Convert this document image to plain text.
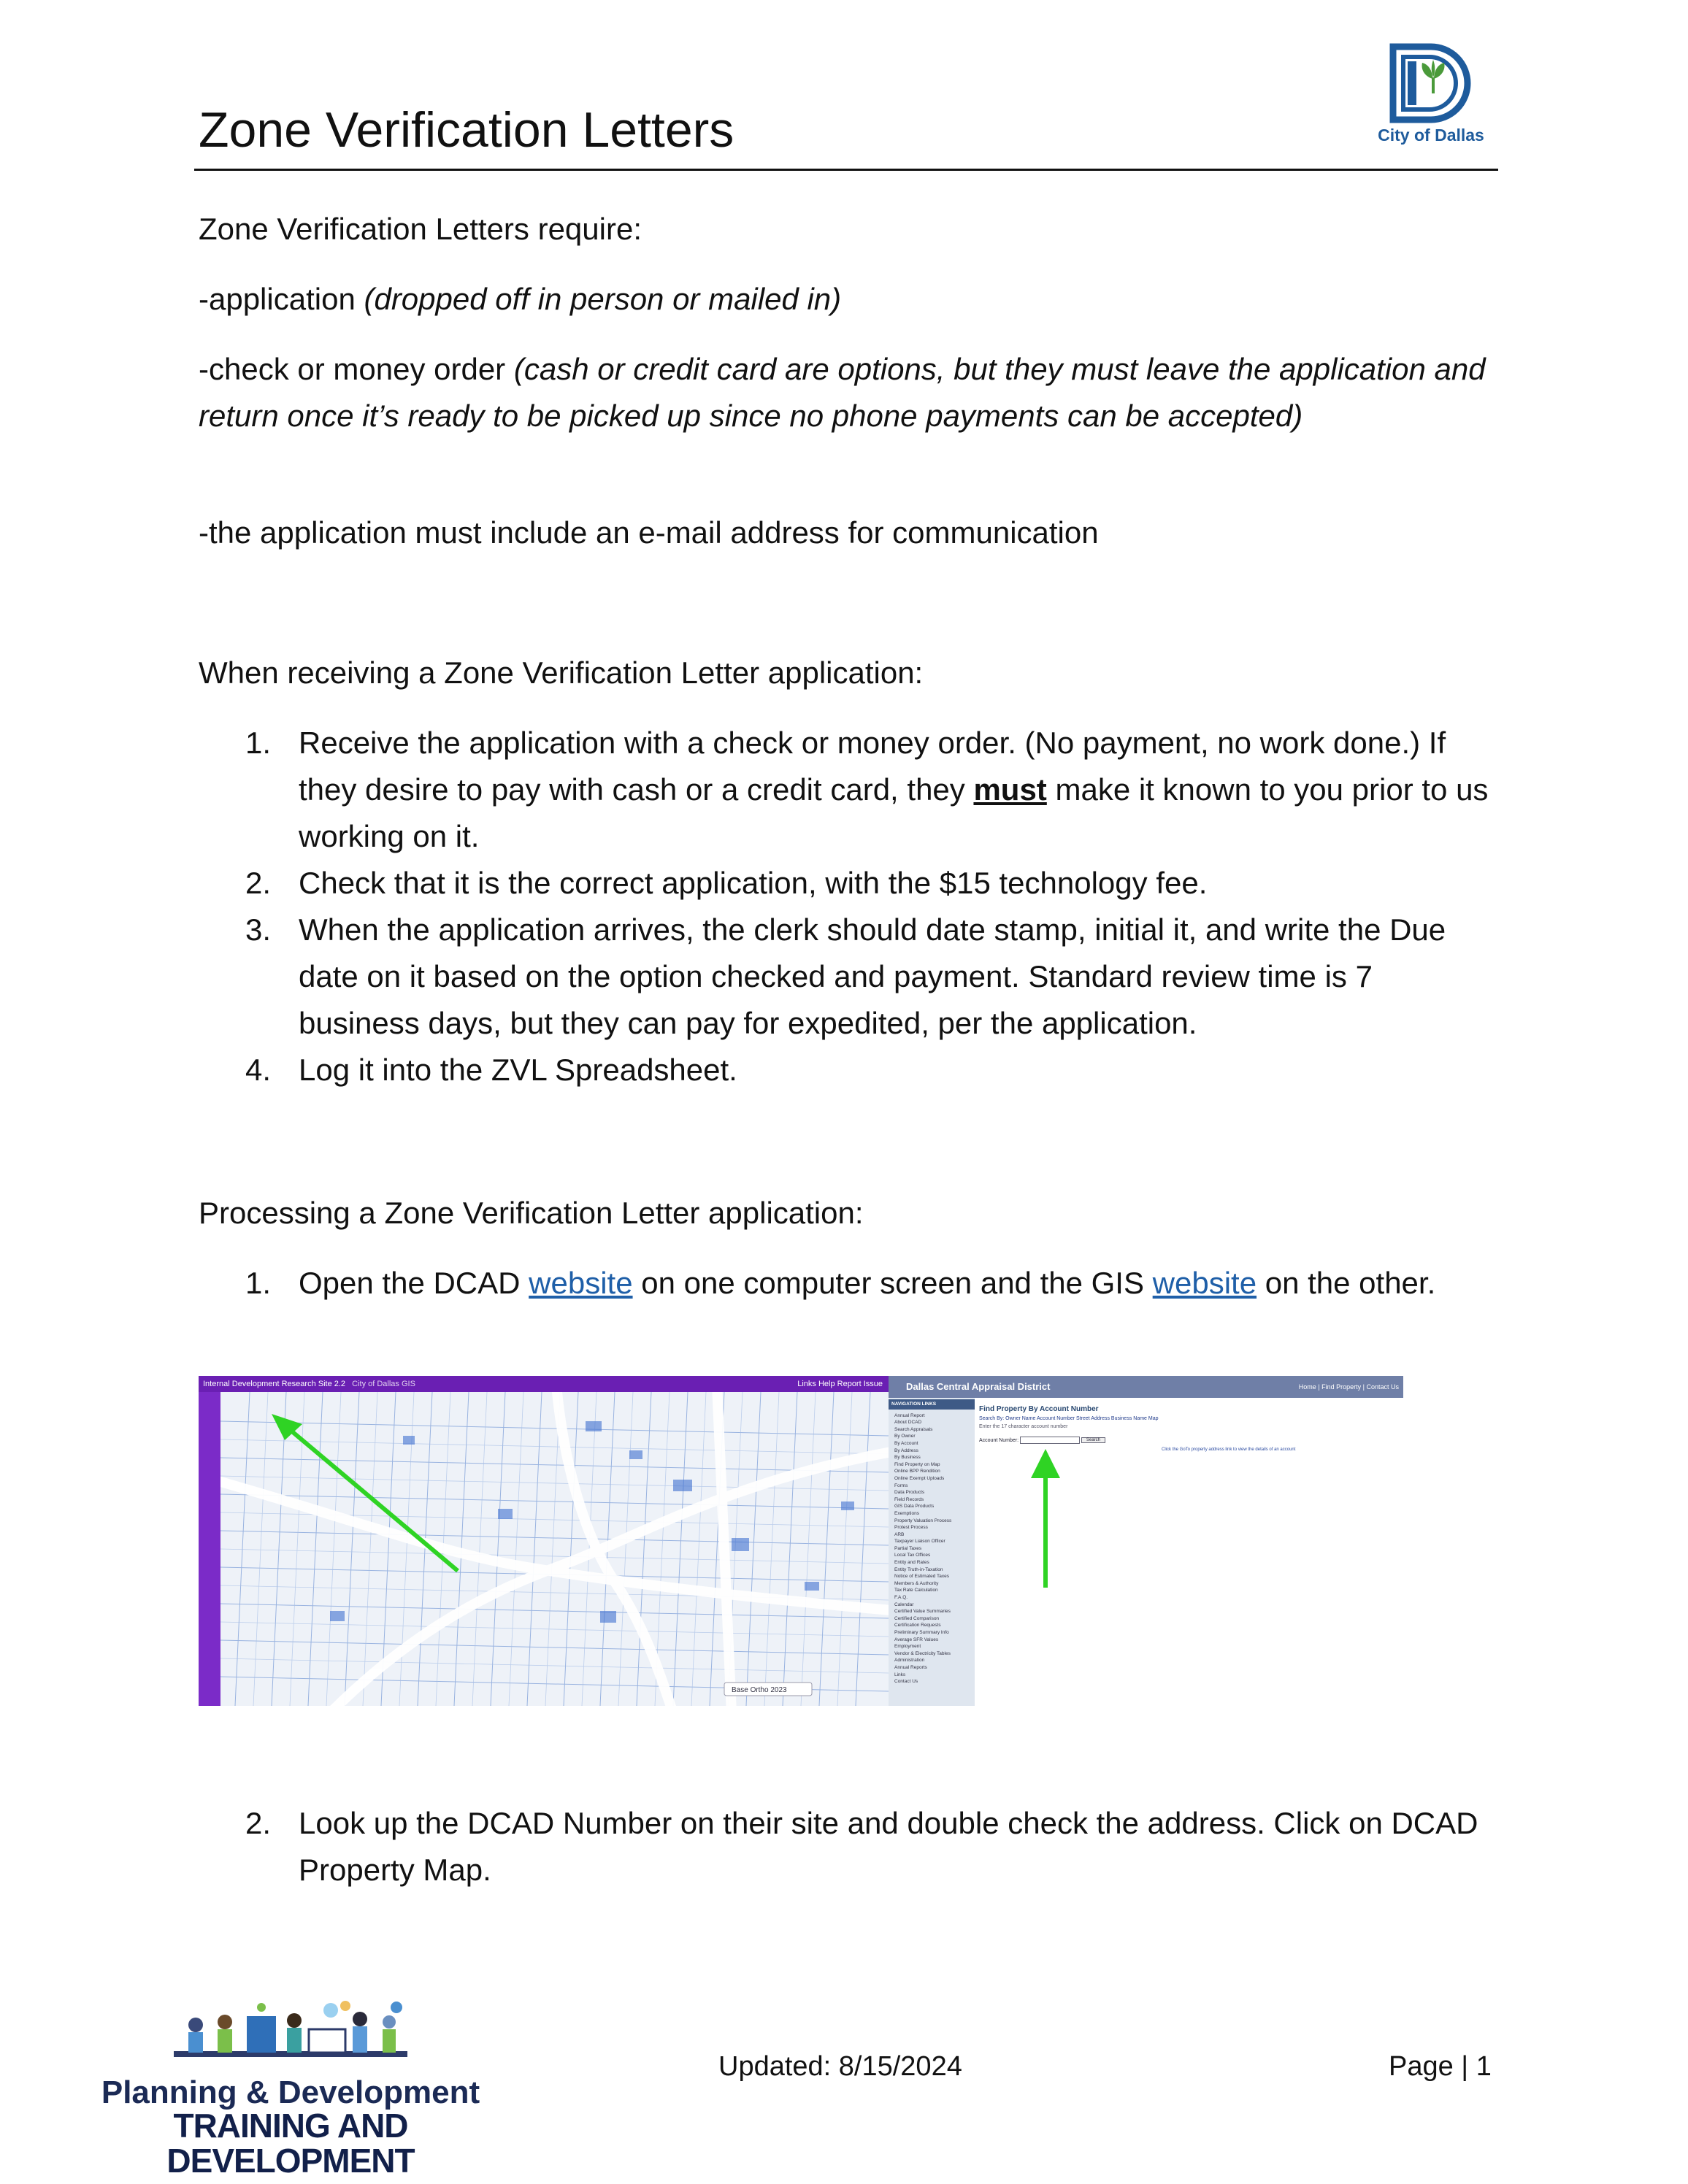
Zone Verification Letters	City of Dallas
Zone Verification Letters require:
-application (dropped off in person or mailed in)
-check or money order (cash or credit card are options, but they must leave the application and return once it’s ready to be picked up since no phone payments can be accepted)
-the application must include an e-mail address for communication
When receiving a Zone Verification Letter application:
1. Receive the application with a check or money order. (No payment, no work done.) If they desire to pay with cash or a credit card, they must make it known to you prior to us working on it.
2. Check that it is the correct application, with the $15 technology fee.
3. When the application arrives, the clerk should date stamp, initial it, and write the Due date on it based on the option checked and payment. Standard review time is 7 business days, but they can pay for expedited, per the application.
4. Log it into the ZVL Spreadsheet.
Processing a Zone Verification Letter application:
1. Open the DCAD website on one computer screen and the GIS website on the other.
Internal Development Research Site 2.2 City of Dallas GIS	Links Help Report Issue
Base Ortho 2023
Dallas Central Appraisal District	Home | Find Property | Contact Us
NAVIGATION LINKS
Annual Report
About DCAD
Search Appraisals
By Owner
By Account
By Address
By Business
Find Property on Map
Online BPP Rendition
Online Exempt Uploads
Forms
Data Products
Field Records
GIS Data Products
Exemptions
Property Valuation Process
Protest Process
ARB
Taxpayer Liaison Officer
Partial Taxes
Local Tax Offices
Entity and Rates
Entity Truth-in-Taxation
Notice of Estimated Taxes
Members & Authority
Tax Rate Calculation
F.A.Q.
Calendar
Certified Value Summaries
Certified Comparison
Certification Requests
Preliminary Summary Info
Average SFR Values
Employment
Vendor & Electricity Tables
Administration
Annual Reports
Links
Contact Us
Find Property By Account Number
Search By: Owner Name Account Number Street Address Business Name Map
Enter the 17 character account number
Account Number:	Search
Click the GoTo property address link to view the details of an account
2. Look up the DCAD Number on their site and double check the address. Click on DCAD Property Map.
Planning & Development
TRAINING AND DEVELOPMENT
Updated: 8/15/2024	Page | 1
